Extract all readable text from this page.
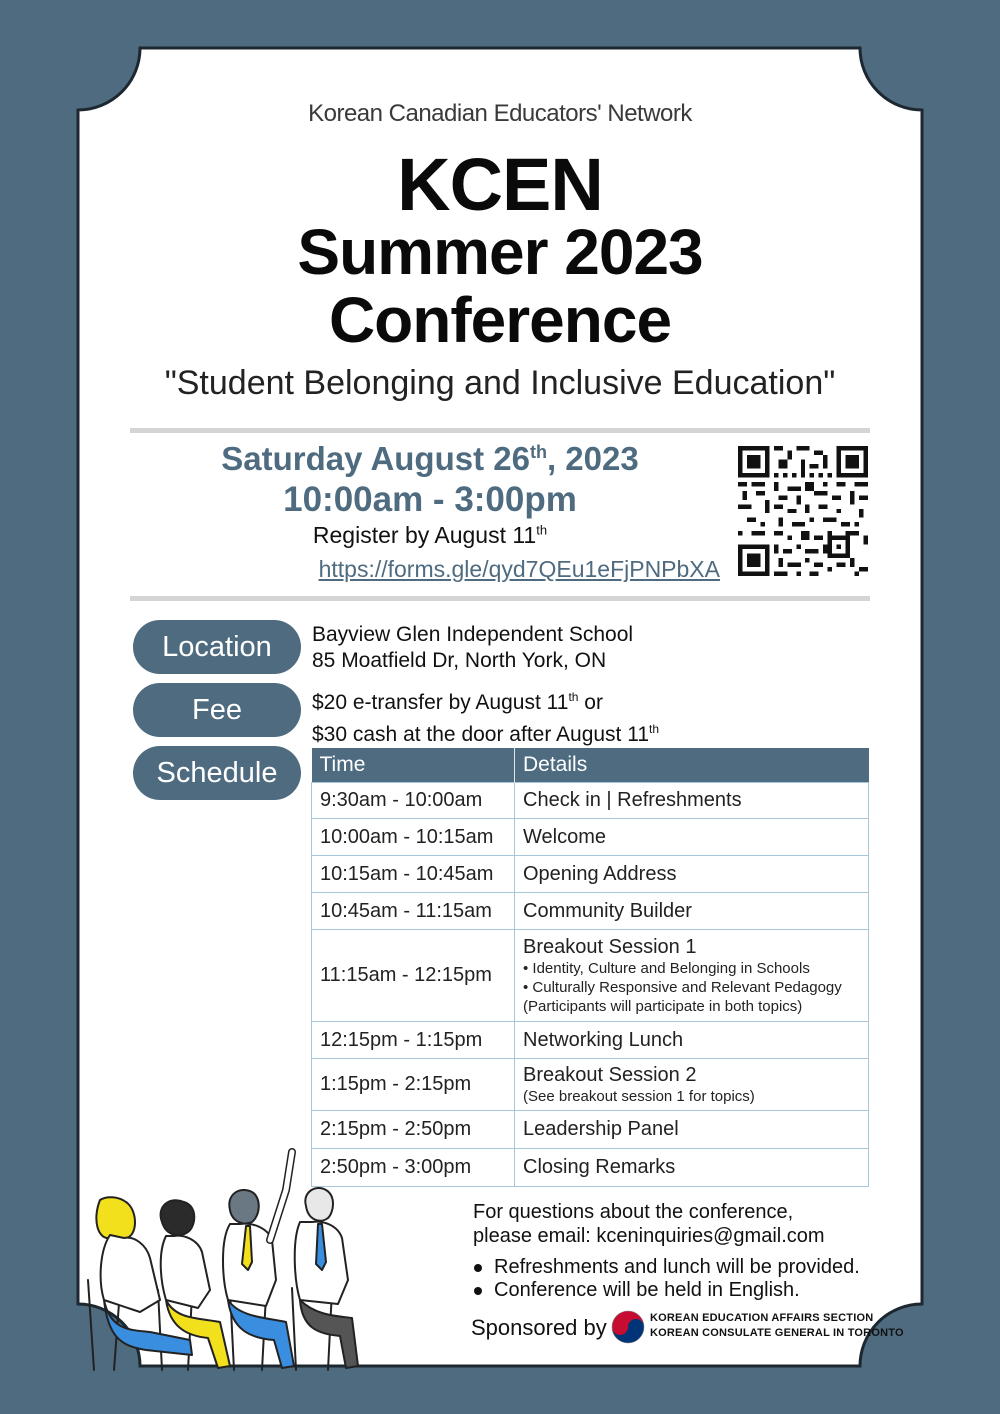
Korean Canadian Educators' Network
KCEN
Summer 2023
Conference
"Student Belonging and Inclusive Education"
Saturday August 26th, 2023
10:00am - 3:00pm
Register by August 11th
https://forms.gle/qyd7QEu1eFjPNPbXA
Location
Fee
Schedule
Bayview Glen Independent School
85 Moatfield Dr, North York, ON
$20 e-transfer by August 11th or
$30 cash at the door after August 11th
Time	Details
9:30am - 10:00am	Check in | Refreshments
10:00am - 10:15am	Welcome
10:15am - 10:45am	Opening Address
10:45am - 11:15am	Community Builder
11:15am - 12:15pm	Breakout Session 1
• Identity, Culture and Belonging in Schools
• Culturally Responsive and Relevant Pedagogy
(Participants will participate in both topics)

12:15pm - 1:15pm	Networking Lunch
1:15pm - 2:15pm	Breakout Session 2
(See breakout session 1 for topics)

2:15pm - 2:50pm	Leadership Panel
2:50pm - 3:00pm	Closing Remarks
For questions about the conference,
please email: kceninquiries@gmail.com
Refreshments and lunch will be provided.
Conference will be held in English.
Sponsored by	KOREAN EDUCATION AFFAIRS SECTION
KOREAN CONSULATE GENERAL IN TORONTO
